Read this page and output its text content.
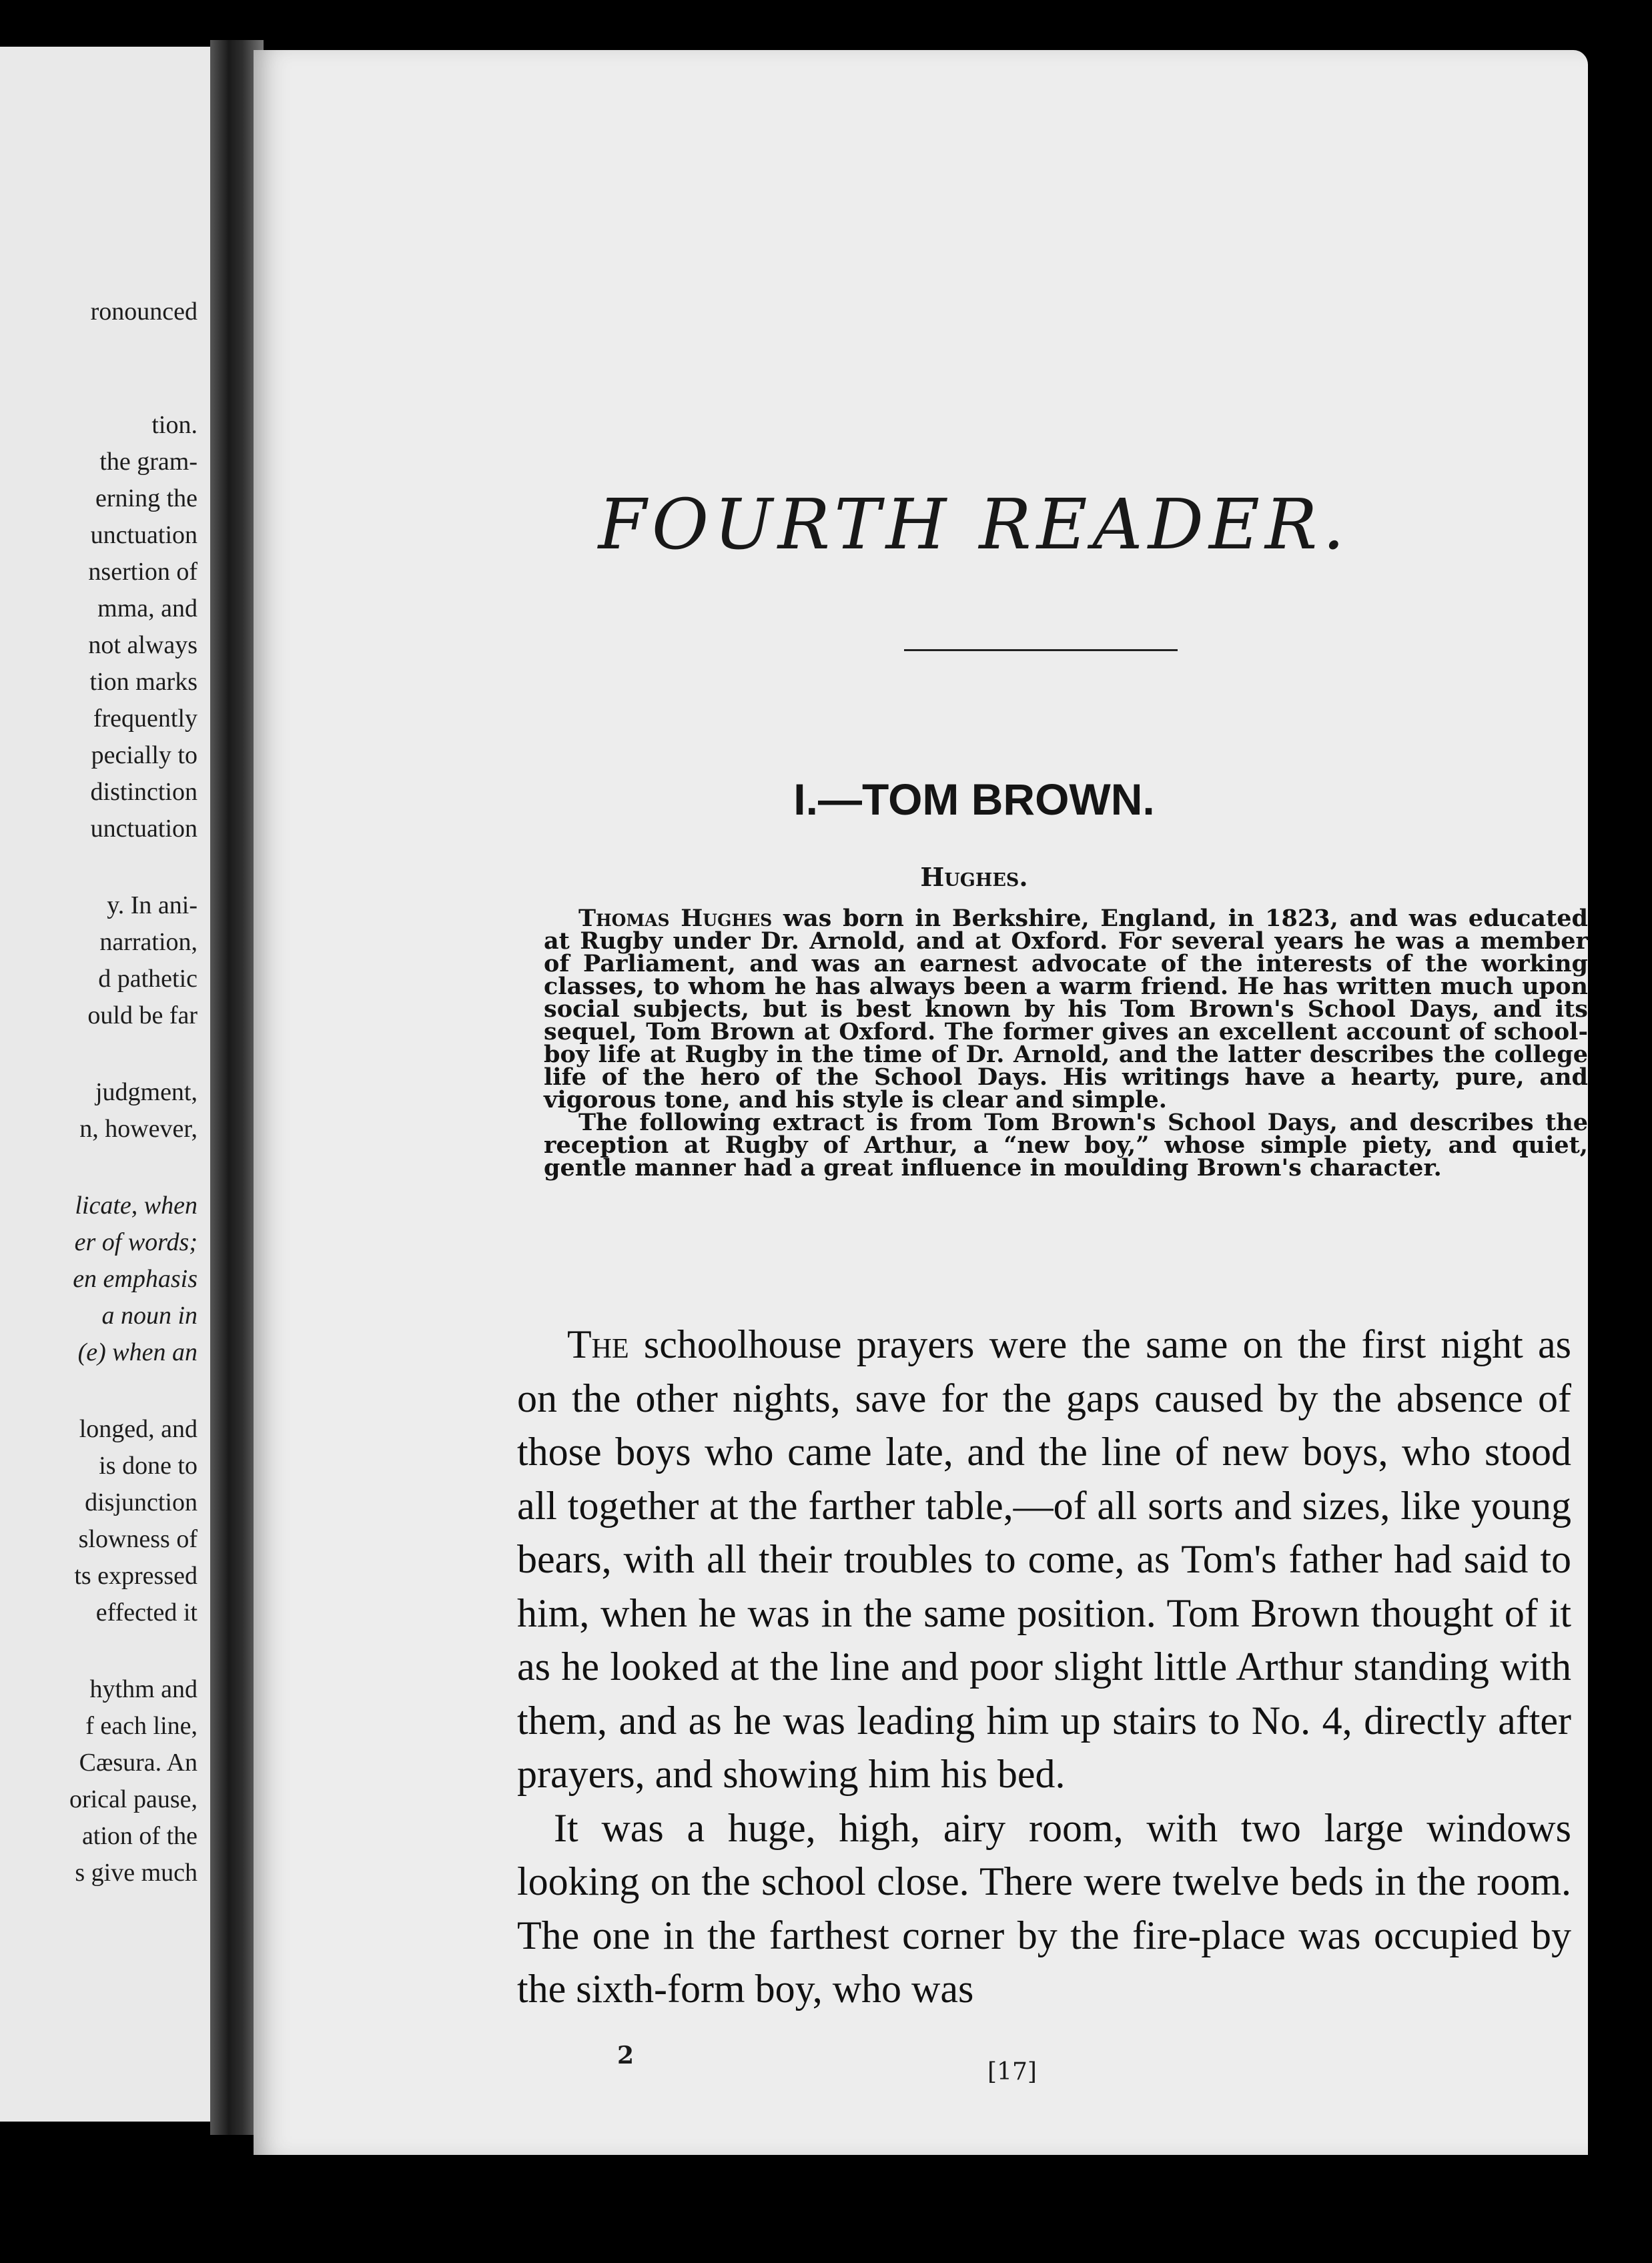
ronounced
tion.
the gram-
erning the
unctuation
nsertion of
mma, and
not always
tion marks
frequently
pecially to
distinction
unctuation
y. In ani-
narration,
d pathetic
ould be far
judgment,
n, however,
licate, when
er of words;
en emphasis
a noun in
(e) when an
longed, and
is done to
disjunction
slowness of
ts expressed
effected it
hythm and
f each line,
Cæsura. An
orical pause,
ation of the
s give much
FOURTH READER.
I.—TOM BROWN.
Hughes.

Thomas Hughes was born in Berkshire, England, in 1823, and was educated at Rugby under Dr. Arnold, and at Oxford. For several years he was a member of Parliament, and was an earnest advocate of the interests of the working classes, to whom he has always been a warm friend. He has written much upon social subjects, but is best known by his Tom Brown's School Days, and its sequel, Tom Brown at Oxford. The former gives an excellent account of school-boy life at Rugby in the time of Dr. Arnold, and the latter describes the college life of the hero of the School Days. His writings have a hearty, pure, and vigorous tone, and his style is clear and simple.

The following extract is from Tom Brown's School Days, and describes the reception at Rugby of Arthur, a “new boy,” whose simple piety, and quiet, gentle manner had a great influence in moulding Brown's character.

The schoolhouse prayers were the same on the first night as on the other nights, save for the gaps caused by the absence of those boys who came late, and the line of new boys, who stood all together at the farther table,—of all sorts and sizes, like young bears, with all their troubles to come, as Tom's father had said to him, when he was in the same position. Tom Brown thought of it as he looked at the line and poor slight little Arthur standing with them, and as he was leading him up stairs to No. 4, directly after prayers, and showing him his bed.

It was a huge, high, airy room, with two large windows looking on the school close. There were twelve beds in the room. The one in the farthest corner by the fire-place was occupied by the sixth-form boy, who was

2
[17]
